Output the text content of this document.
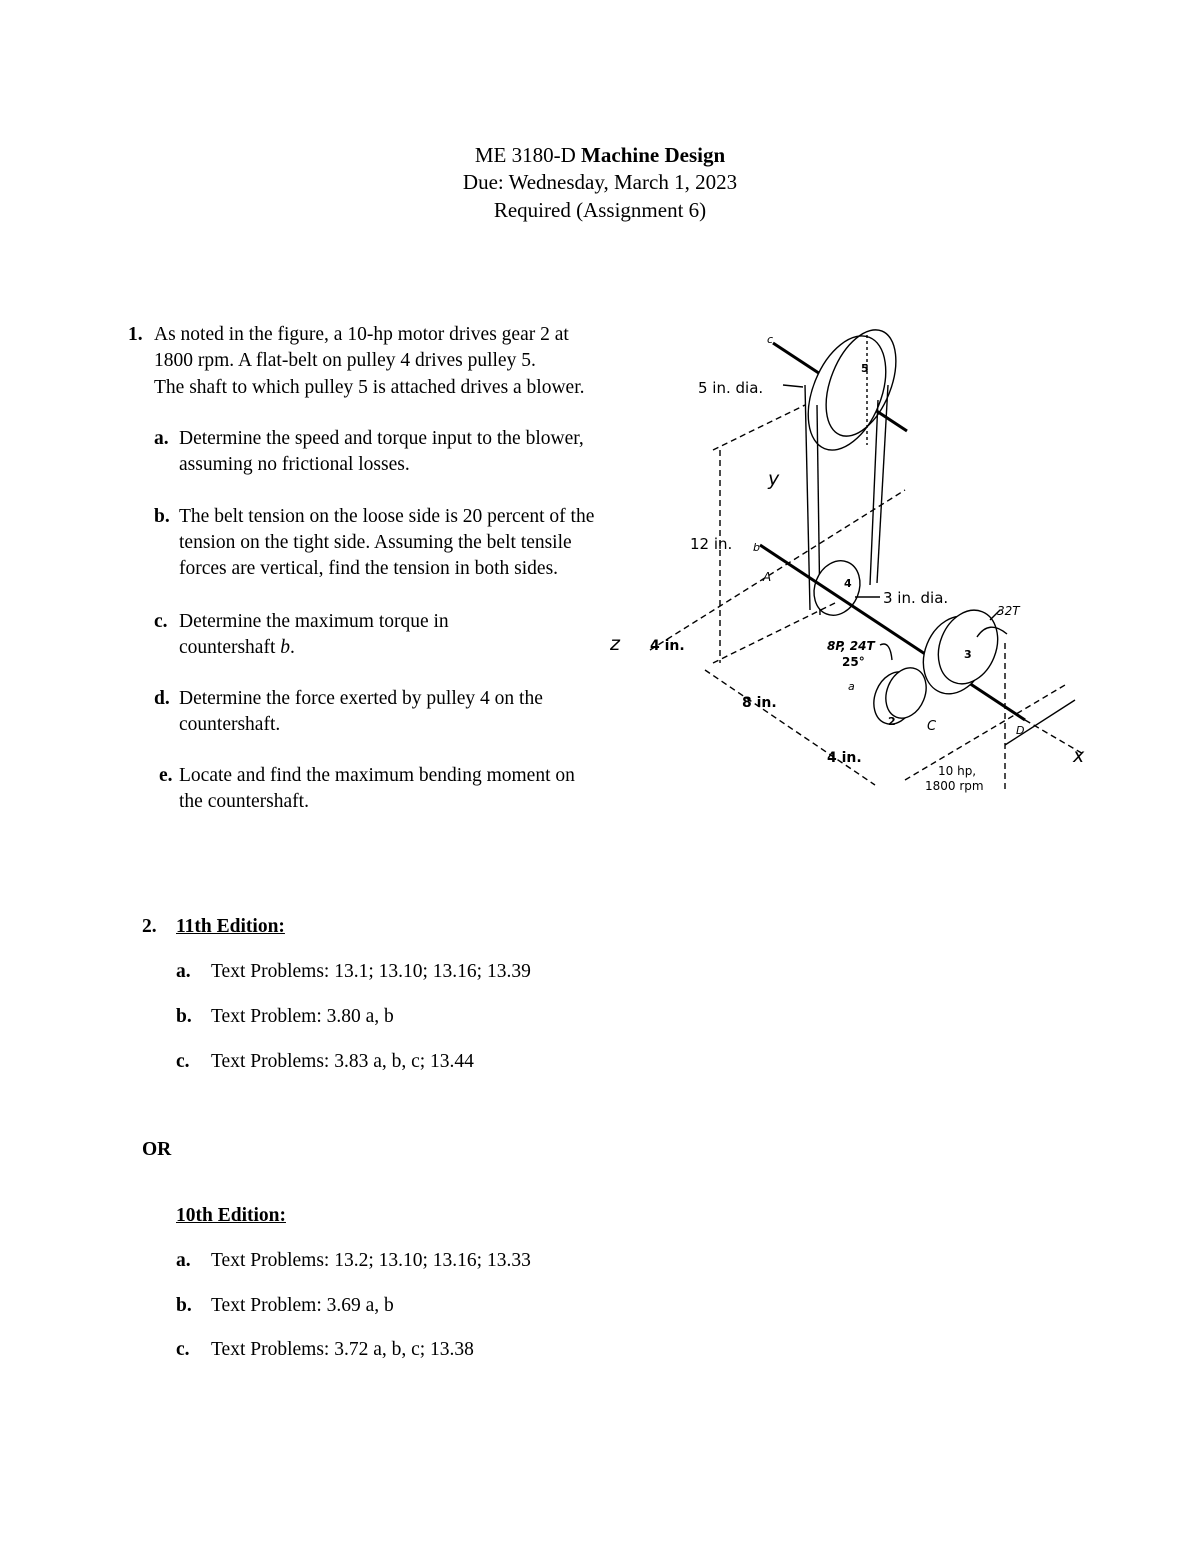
ME 3180-D Machine Design
Due: Wednesday, March 1, 2023
Required (Assignment 6)
1. As noted in the figure, a 10-hp motor drives gear 2 at
1800 rpm. A flat-belt on pulley 4 drives pulley 5.
The shaft to which pulley 5 is attached drives a blower.
a. Determine the speed and torque input to the blower,
assuming no frictional losses.
b. The belt tension on the loose side is 20 percent of the
tension on the tight side. Assuming the belt tensile
forces are vertical, find the tension in both sides.
c. Determine the maximum torque in
countershaft b.
d. Determine the force exerted by pulley 4 on the
countershaft.
e. Locate and find the maximum bending moment on
the countershaft.
5 in. dia.
12 in.
3 in. dia.
4 in.
8 in.
4 in.
8P, 24T
25°
32T
10 hp,
1800 rpm
x
y
z
a
b
c
A
D
C
5
4
3
2
2. 11th Edition:
a. Text Problems: 13.1; 13.10; 13.16; 13.39
b. Text Problem: 3.80 a, b
c. Text Problems: 3.83 a, b, c; 13.44
OR
10th Edition:
a. Text Problems: 13.2; 13.10; 13.16; 13.33
b. Text Problem: 3.69 a, b
c. Text Problems: 3.72 a, b, c; 13.38
